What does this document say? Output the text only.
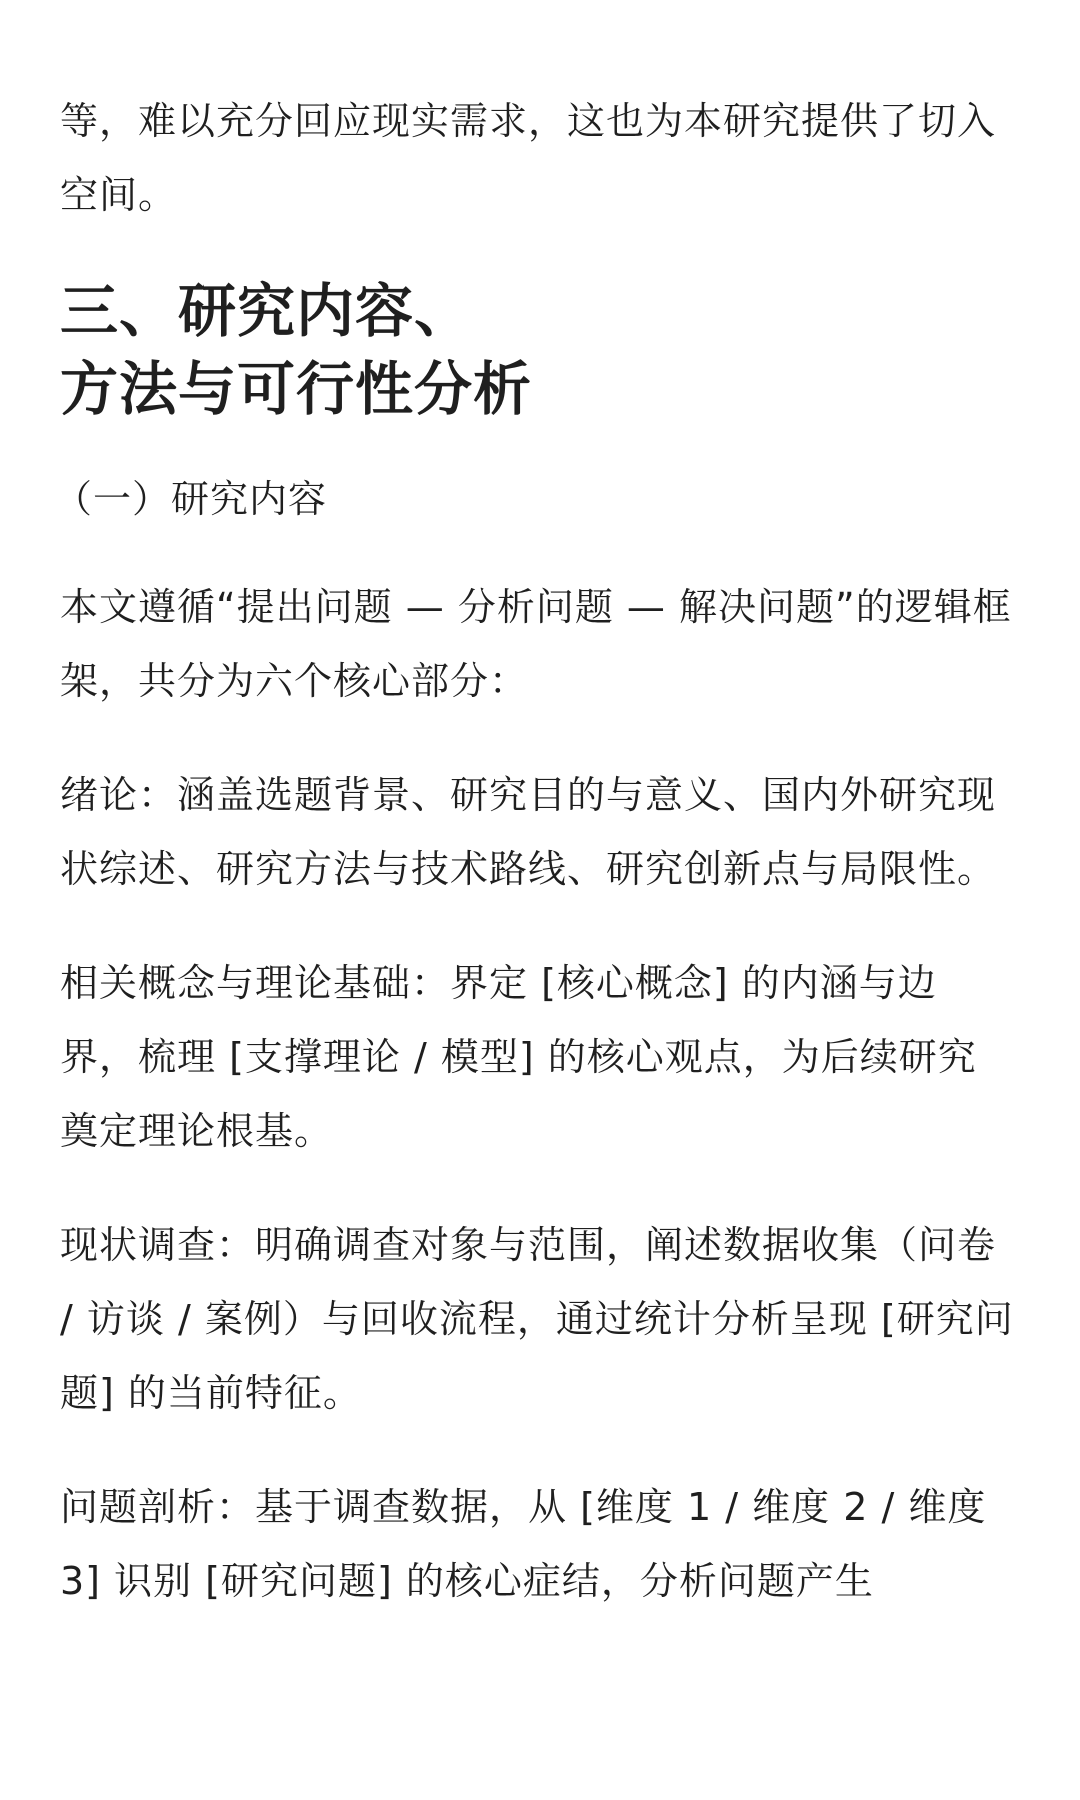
等，难以充分回应现实需求，这也为本研究提供了切入空间。

三、研究内容、
方法与可行性分析
（一）研究内容

本文遵循“提出问题 — 分析问题 — 解决问题”的逻辑框架，共分为六个核心部分：

绪论：涵盖选题背景、研究目的与意义、国内外研究现状综述、研究方法与技术路线、研究创新点与局限性。

相关概念与理论基础：界定 [核心概念] 的内涵与边界，梳理 [支撑理论 / 模型] 的核心观点，为后续研究奠定理论根基。

现状调查：明确调查对象与范围，阐述数据收集（问卷 / 访谈 / 案例）与回收流程，通过统计分析呈现 [研究问题] 的当前特征。

问题剖析：基于调查数据，从 [维度 1 / 维度 2 / 维度 3] 识别 [研究问题] 的核心症结，分析问题产生
